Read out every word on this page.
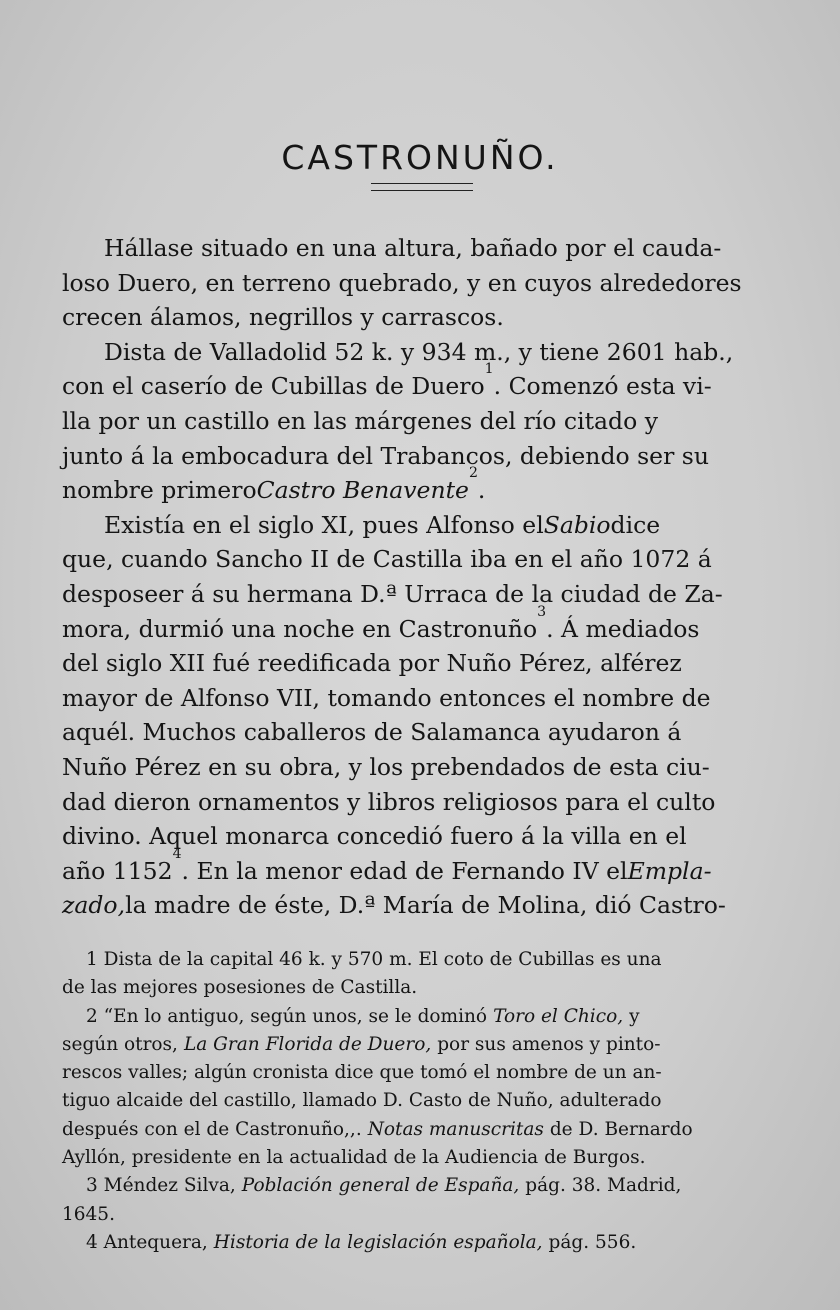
CASTRONUÑO.
Hállase situado en una altura, bañado por el cauda-
loso Duero, en terreno quebrado, y en cuyos alrededores
crecen álamos, negrillos y carrascos.
Dista de Valladolid 52 k. y 934 m., y tiene 2601 hab.,
con el caserío de Cubillas de Duero
1
. Comenzó esta vi-
lla por un castillo en las márgenes del río citado y
junto á la embocadura del Trabancos, debiendo ser su
nombre primero Castro Benavente
2
.
Existía en el siglo XI, pues Alfonso el Sabio dice
que, cuando Sancho II de Castilla iba en el año 1072 á
desposeer á su hermana D.ª Urraca de la ciudad de Za-
mora, durmió una noche en Castronuño
3
. Á mediados
del siglo XII fué reedificada por Nuño Pérez, alférez
mayor de Alfonso VII, tomando entonces el nombre de
aquél. Muchos caballeros de Salamanca ayudaron á
Nuño Pérez en su obra, y los prebendados de esta ciu-
dad dieron ornamentos y libros religiosos para el culto
divino. Aquel monarca concedió fuero á la villa en el
año 1152
4
. En la menor edad de Fernando IV el Empla-
zado, la madre de éste, D.ª María de Molina, dió Castro-
1 Dista de la capital 46 k. y 570 m. El coto de Cubillas es una
de las mejores posesiones de Castilla.
2 “En lo antiguo, según unos, se le dominó Toro el Chico, y
según otros, La Gran Florida de Duero, por sus amenos y pinto-
rescos valles; algún cronista dice que tomó el nombre de un an-
tiguo alcaide del castillo, llamado D. Casto de Nuño, adulterado
después con el de Castronuño,,. Notas manuscritas de D. Bernardo
Ayllón, presidente en la actualidad de la Audiencia de Burgos.
3 Méndez Silva, Población general de España, pág. 38. Madrid,
1645.
4 Antequera, Historia de la legislación española, pág. 556.
